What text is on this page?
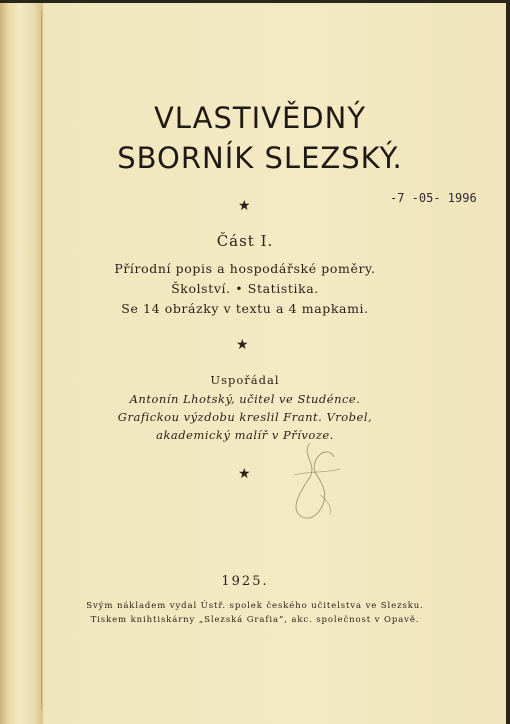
VLASTIVĚDNÝ
SBORNÍK SLEZSKÝ.
★	-7 -05- 1996
Část I.
Přírodní popis a hospodářské poměry.
Školství. • Statistika.
Se 14 obrázky v textu a 4 mapkami.
★
Uspořádal
Antonín Lhotský, učitel ve Studénce.
Grafickou výzdobu kreslil Frant. Vrobel,
akademický malíř v Přívoze.
★
1925.
Svým nákladem vydal Ústř. spolek českého učitelstva ve Slezsku.
Tiskem knihtiskárny „Slezská Grafia“, akc. společnost v Opavě.
